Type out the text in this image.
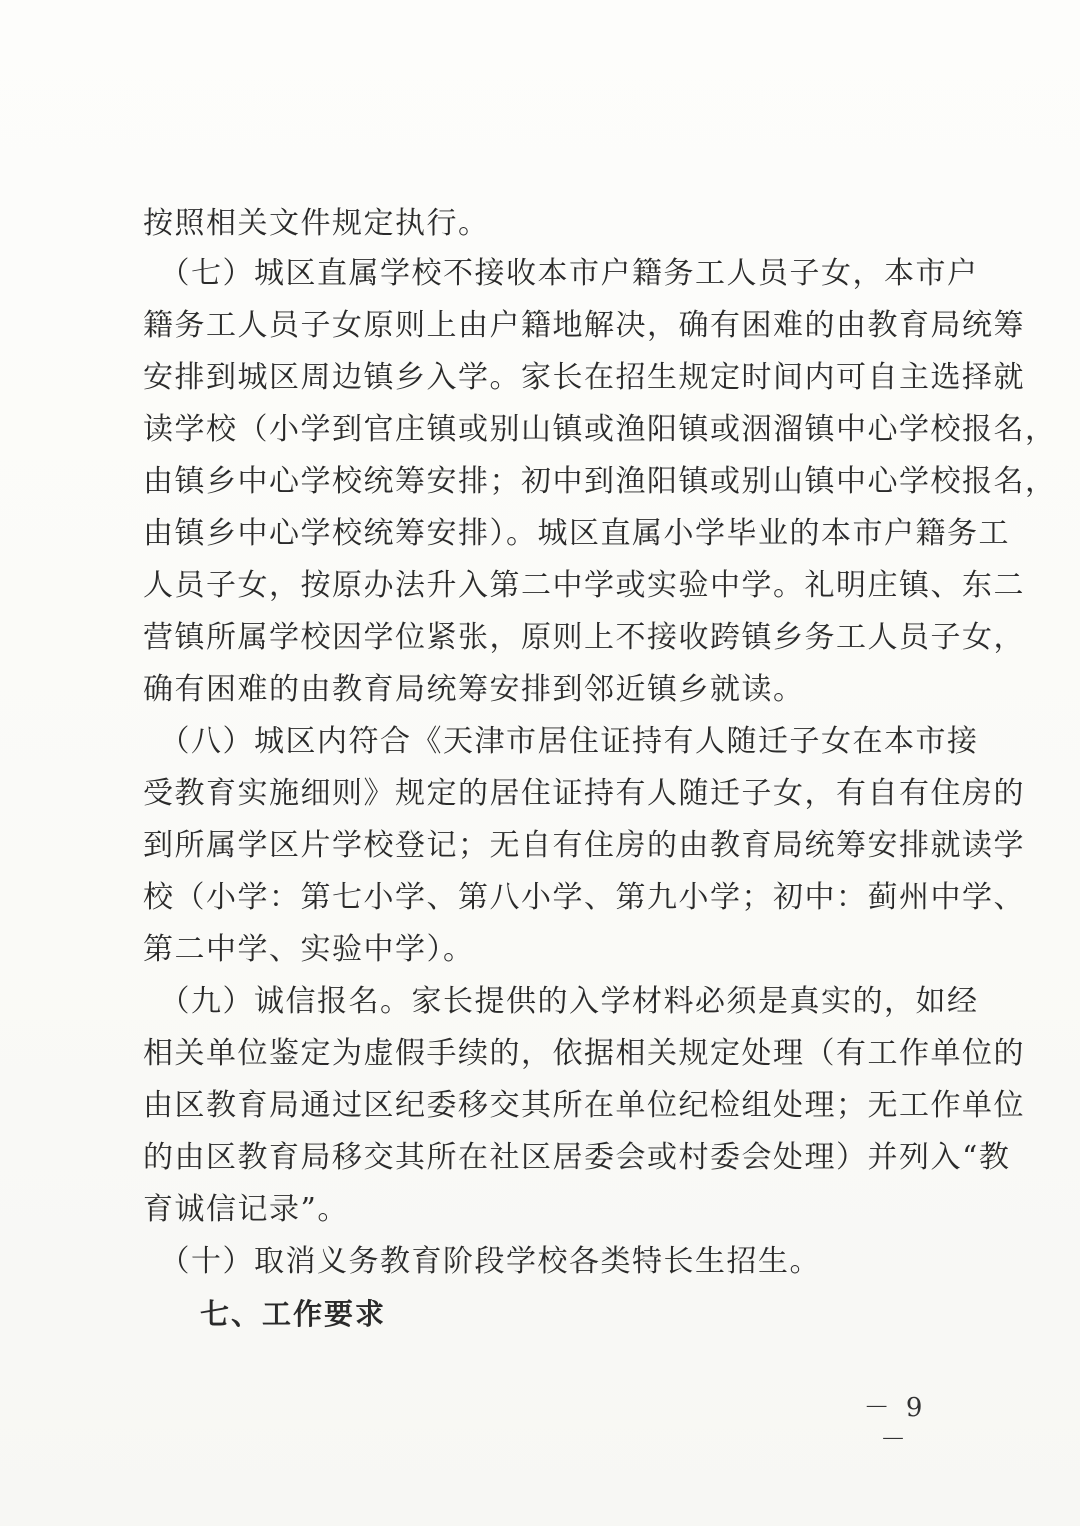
按照相关文件规定执行。
　（七）城区直属学校不接收本市户籍务工人员子女，本市户
籍务工人员子女原则上由户籍地解决，确有困难的由教育局统筹
安排到城区周边镇乡入学。家长在招生规定时间内可自主选择就
读学校（小学到官庄镇或别山镇或渔阳镇或洇溜镇中心学校报名，
由镇乡中心学校统筹安排；初中到渔阳镇或别山镇中心学校报名，
由镇乡中心学校统筹安排）。城区直属小学毕业的本市户籍务工
人员子女，按原办法升入第二中学或实验中学。礼明庄镇、东二
营镇所属学校因学位紧张，原则上不接收跨镇乡务工人员子女，
确有困难的由教育局统筹安排到邻近镇乡就读。
　（八）城区内符合《天津市居住证持有人随迁子女在本市接
受教育实施细则》规定的居住证持有人随迁子女，有自有住房的
到所属学区片学校登记；无自有住房的由教育局统筹安排就读学
校（小学：第七小学、第八小学、第九小学；初中：蓟州中学、
第二中学、实验中学）。
　（九）诚信报名。家长提供的入学材料必须是真实的，如经
相关单位鉴定为虚假手续的，依据相关规定处理（有工作单位的
由区教育局通过区纪委移交其所在单位纪检组处理；无工作单位
的由区教育局移交其所在社区居委会或村委会处理）并列入“教
育诚信记录”。
　（十）取消义务教育阶段学校各类特长生招生。
七、工作要求
－ 9 －
